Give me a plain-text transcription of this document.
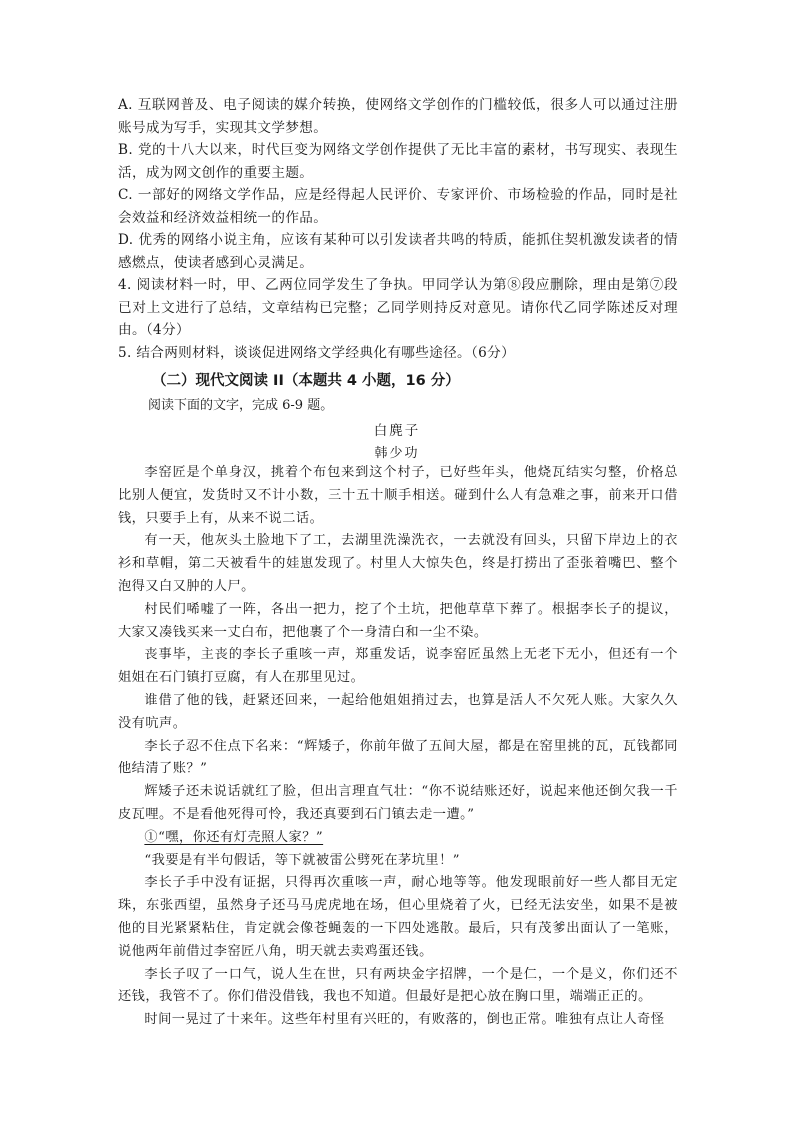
A. 互联网普及、电子阅读的媒介转换，使网络文学创作的门槛较低，很多人可以通过注册账号成为写手，实现其文学梦想。

B. 党的十八大以来，时代巨变为网络文学创作提供了无比丰富的素材，书写现实、表现生活，成为网文创作的重要主题。

C. 一部好的网络文学作品，应是经得起人民评价、专家评价、市场检验的作品，同时是社会效益和经济效益相统一的作品。

D. 优秀的网络小说主角，应该有某种可以引发读者共鸣的特质，能抓住契机激发读者的情感燃点，使读者感到心灵满足。

4. 阅读材料一时，甲、乙两位同学发生了争执。甲同学认为第⑧段应删除，理由是第⑦段已对上文进行了总结，文章结构已完整；乙同学则持反对意见。请你代乙同学陈述反对理由。（4分）

5. 结合两则材料，谈谈促进网络文学经典化有哪些途径。（6分）

（二）现代文阅读 II（本题共 4 小题，16 分）
阅读下面的文字，完成 6-9 题。
白麂子
韩少功

李窑匠是个单身汉，挑着个布包来到这个村子，已好些年头，他烧瓦结实匀整，价格总比别人便宜，发货时又不计小数，三十五十顺手相送。碰到什么人有急难之事，前来开口借钱，只要手上有，从来不说二话。

有一天，他灰头土脸地下了工，去湖里洗澡洗衣，一去就没有回头，只留下岸边上的衣衫和草帽，第二天被看牛的娃崽发现了。村里人大惊失色，终是打捞出了歪张着嘴巴、整个泡得又白又肿的人尸。

村民们唏嘘了一阵，各出一把力，挖了个土坑，把他草草下葬了。根据李长子的提议，大家又凑钱买来一丈白布，把他裹了个一身清白和一尘不染。

丧事毕，主丧的李长子重咳一声，郑重发话，说李窑匠虽然上无老下无小，但还有一个姐姐在石门镇打豆腐，有人在那里见过。

谁借了他的钱，赶紧还回来，一起给他姐姐捎过去，也算是活人不欠死人账。大家久久没有吭声。

李长子忍不住点下名来：“辉矮子，你前年做了五间大屋，都是在窑里挑的瓦，瓦钱都同他结清了账？”

辉矮子还未说话就红了脸，但出言理直气壮：“你不说结账还好，说起来他还倒欠我一千皮瓦哩。不是看他死得可怜，我还真要到石门镇去走一遭。”

①“嘿，你还有灯壳照人家？”

“我要是有半句假话，等下就被雷公劈死在茅坑里！”

李长子手中没有证据，只得再次重咳一声，耐心地等等。他发现眼前好一些人都目无定珠，东张西望，虽然身子还马马虎虎地在场，但心里烧着了火，已经无法安坐，如果不是被他的目光紧紧粘住，肯定就会像苍蝇轰的一下四处逃散。最后，只有茂爹出面认了一笔账，说他两年前借过李窑匠八角，明天就去卖鸡蛋还钱。

李长子叹了一口气，说人生在世，只有两块金字招牌，一个是仁，一个是义，你们还不还钱，我管不了。你们借没借钱，我也不知道。但最好是把心放在胸口里，端端正正的。

时间一晃过了十来年。这些年村里有兴旺的，有败落的，倒也正常。唯独有点让人奇怪
